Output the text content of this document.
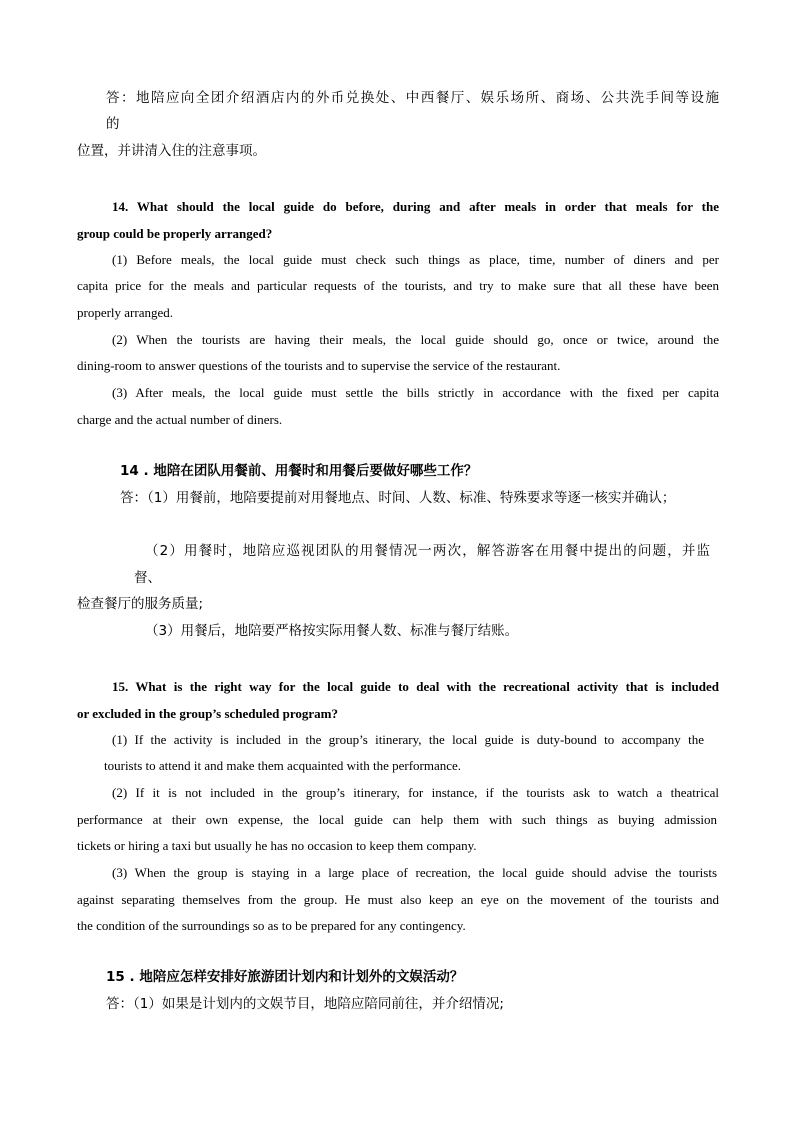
答：地陪应向全团介绍酒店内的外币兑换处、中西餐厅、娱乐场所、商场、公共洗手间等设施
的
位置，并讲清入住的注意事项。
14. What should the local guide do before, during and after meals in order that meals for the
group could be properly arranged?
(1) Before meals, the local guide must check such things as place, time, number of diners and per
capita price for the meals and particular requests of the tourists, and try to make sure that all these have been
properly arranged.
(2) When the tourists are having their meals, the local guide should go, once or twice, around the
dining-room to answer questions of the tourists and to supervise the service of the restaurant.
(3) After meals, the local guide must settle the bills strictly in accordance with the fixed per capita
charge and the actual number of diners.
14 . 地陪在团队用餐前、用餐时和用餐后要做好哪些工作？
答：（1）用餐前，地陪要提前对用餐地点、时间、人数、标准、特殊要求等逐一核实并确认；
（2）用餐时，地陪应巡视团队的用餐情况一两次，解答游客在用餐中提出的问题，并监
督、
检查餐厅的服务质量;
（3）用餐后，地陪要严格按实际用餐人数、标准与餐厅结账。
15. What is the right way for the local guide to deal with the recreational activity that is included
or excluded in the group’s scheduled program?
(1) If the activity is included in the group’s itinerary, the local guide is duty-bound to accompany the
tourists to attend it and make them acquainted with the performance.
(2) If it is not included in the group’s itinerary, for instance, if the tourists ask to watch a theatrical
performance at their own expense, the local guide can help them with such things as buying admission
tickets or hiring a taxi but usually he has no occasion to keep them company.
(3) When the group is staying in a large place of recreation, the local guide should advise the tourists
against separating themselves from the group. He must also keep an eye on the movement of the tourists and
the condition of the surroundings so as to be prepared for any contingency.
15 . 地陪应怎样安排好旅游团计划内和计划外的文娱活动？
答：（1）如果是计划内的文娱节目，地陪应陪同前往，并介绍情况;
